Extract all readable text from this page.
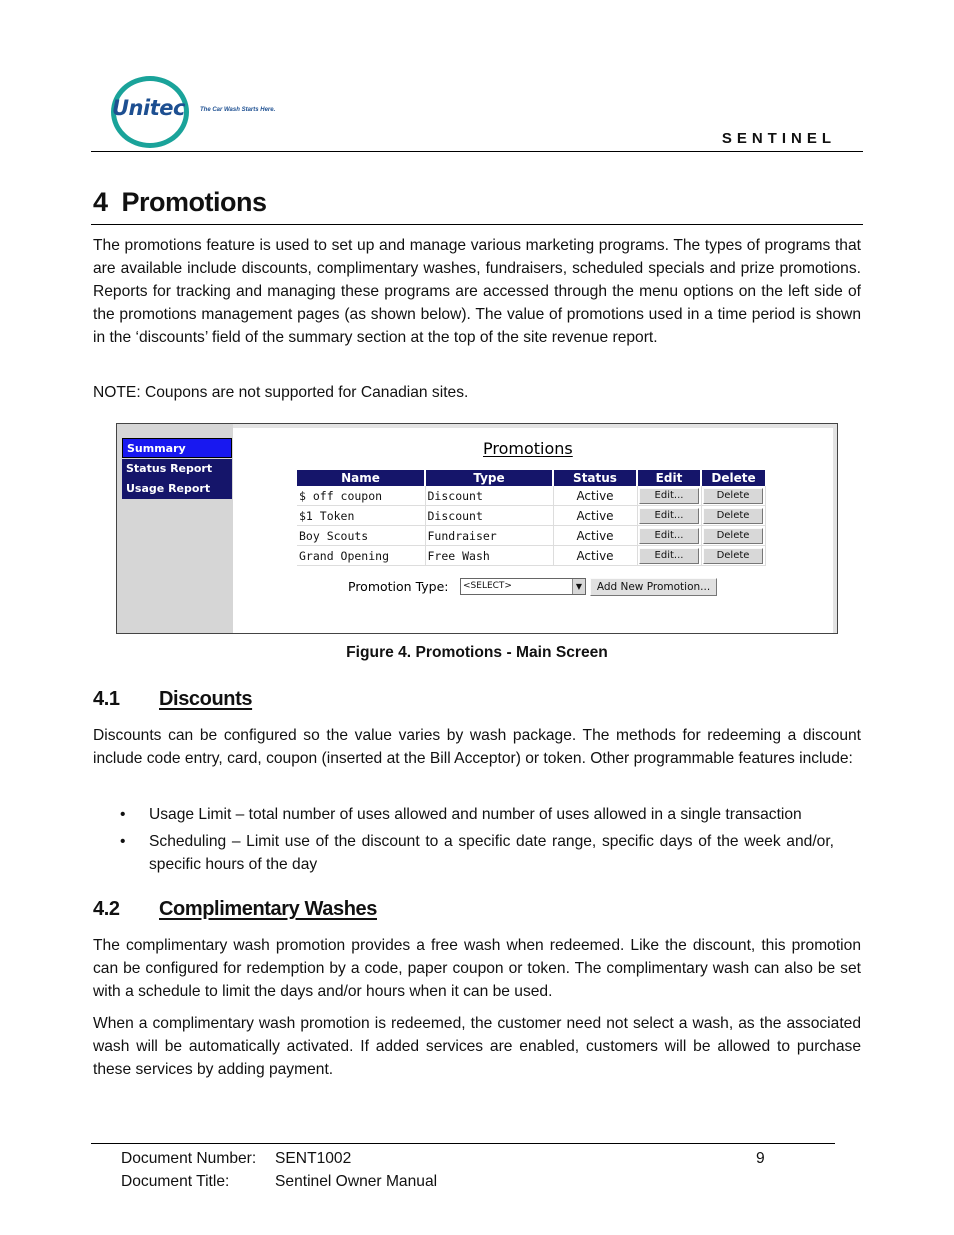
Unitec	The Car Wash Starts Here.
SENTINEL
4 Promotions

The promotions feature is used to set up and manage various marketing programs. The types of programs that are available include discounts, complimentary washes, fundraisers, scheduled specials and prize promotions. Reports for tracking and managing these programs are accessed through the menu options on the left side of the promotions management pages (as shown below). The value of promotions used in a time period is shown in the ‘discounts’ field of the summary section at the top of the site revenue report.

NOTE: Coupons are not supported for Canadian sites.

Summary
Status Report
Usage Report
Promotions
Name	Type	Status	Edit	Delete
$ off coupon	Discount	Active	Edit...	Delete
$1 Token	Discount	Active	Edit...	Delete
Boy Scouts	Fundraiser	Active	Edit...	Delete
Grand Opening	Free Wash	Active	Edit...	Delete
Promotion Type:	<SELECT>	▼	Add New Promotion...
Figure 4. Promotions - Main Screen
4.1 Discounts

Discounts can be configured so the value varies by wash package. The methods for redeeming a discount include code entry, card, coupon (inserted at the Bill Acceptor) or token. Other programmable features include:

• Usage Limit – total number of uses allowed and number of uses allowed in a single transaction
• Scheduling – Limit use of the discount to a specific date range, specific days of the week and/or, specific hours of the day
4.2 Complimentary Washes

The complimentary wash promotion provides a free wash when redeemed. Like the discount, this promotion can be configured for redemption by a code, paper coupon or token. The complimentary wash can also be set with a schedule to limit the days and/or hours when it can be used.

When a complimentary wash promotion is redeemed, the customer need not select a wash, as the associated wash will be automatically activated. If added services are enabled, customers will be allowed to purchase these services by adding payment.

Document Number: SENT1002	9
Document Title:	Sentinel Owner Manual
